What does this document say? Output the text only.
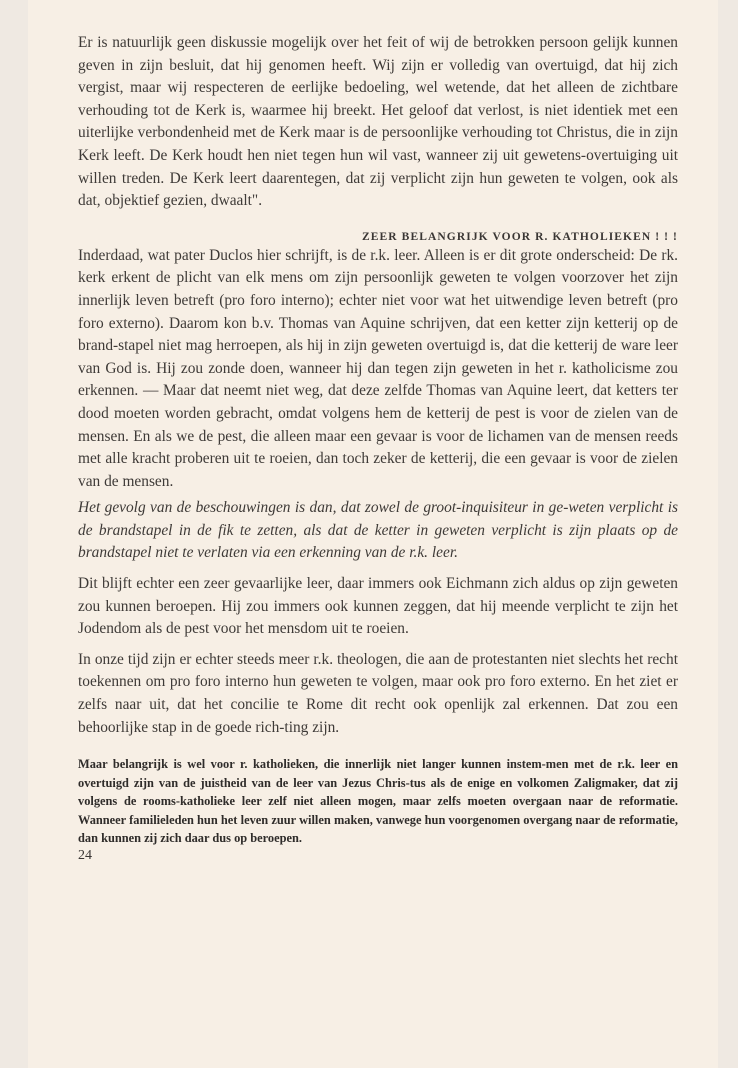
Er is natuurlijk geen diskussie mogelijk over het feit of wij de betrokken persoon gelijk kunnen geven in zijn besluit, dat hij genomen heeft. Wij zijn er volledig van overtuigd, dat hij zich vergist, maar wij respecteren de eerlijke bedoeling, wel wetende, dat het alleen de zichtbare verhouding tot de Kerk is, waarmee hij breekt. Het geloof dat verlost, is niet identiek met een uiterlijke verbondenheid met de Kerk maar is de persoonlijke verhouding tot Christus, die in zijn Kerk leeft. De Kerk houdt hen niet tegen hun wil vast, wanneer zij uit gewetens-overtuiging uit willen treden. De Kerk leert daarentegen, dat zij verplicht zijn hun geweten te volgen, ook als dat, objektief gezien, dwaalt".

ZEER BELANGRIJK VOOR R. KATHOLIEKEN ! ! !

Inderdaad, wat pater Duclos hier schrijft, is de r.k. leer. Alleen is er dit grote onderscheid: De rk. kerk erkent de plicht van elk mens om zijn persoonlijk geweten te volgen voorzover het zijn innerlijk leven betreft (pro foro interno); echter niet voor wat het uitwendige leven betreft (pro foro externo). Daarom kon b.v. Thomas van Aquine schrijven, dat een ketter zijn ketterij op de brand-stapel niet mag herroepen, als hij in zijn geweten overtuigd is, dat die ketterij de ware leer van God is. Hij zou zonde doen, wanneer hij dan tegen zijn geweten in het r. katholicisme zou erkennen. — Maar dat neemt niet weg, dat deze zelfde Thomas van Aquine leert, dat ketters ter dood moeten worden gebracht, omdat volgens hem de ketterij de pest is voor de zielen van de mensen. En als we de pest, die alleen maar een gevaar is voor de lichamen van de mensen reeds met alle kracht proberen uit te roeien, dan toch zeker de ketterij, die een gevaar is voor de zielen van de mensen.

Het gevolg van de beschouwingen is dan, dat zowel de groot-inquisiteur in ge-weten verplicht is de brandstapel in de fik te zetten, als dat de ketter in geweten verplicht is zijn plaats op de brandstapel niet te verlaten via een erkenning van de r.k. leer.

Dit blijft echter een zeer gevaarlijke leer, daar immers ook Eichmann zich aldus op zijn geweten zou kunnen beroepen. Hij zou immers ook kunnen zeggen, dat hij meende verplicht te zijn het Jodendom als de pest voor het mensdom uit te roeien.

In onze tijd zijn er echter steeds meer r.k. theologen, die aan de protestanten niet slechts het recht toekennen om pro foro interno hun geweten te volgen, maar ook pro foro externo. En het ziet er zelfs naar uit, dat het concilie te Rome dit recht ook openlijk zal erkennen. Dat zou een behoorlijke stap in de goede rich-ting zijn.

Maar belangrijk is wel voor r. katholieken, die innerlijk niet langer kunnen instem-men met de r.k. leer en overtuigd zijn van de juistheid van de leer van Jezus Chris-tus als de enige en volkomen Zaligmaker, dat zij volgens de rooms-katholieke leer zelf niet alleen mogen, maar zelfs moeten overgaan naar de reformatie. Wanneer familieleden hun het leven zuur willen maken, vanwege hun voorgenomen overgang naar de reformatie, dan kunnen zij zich daar dus op beroepen.

24
